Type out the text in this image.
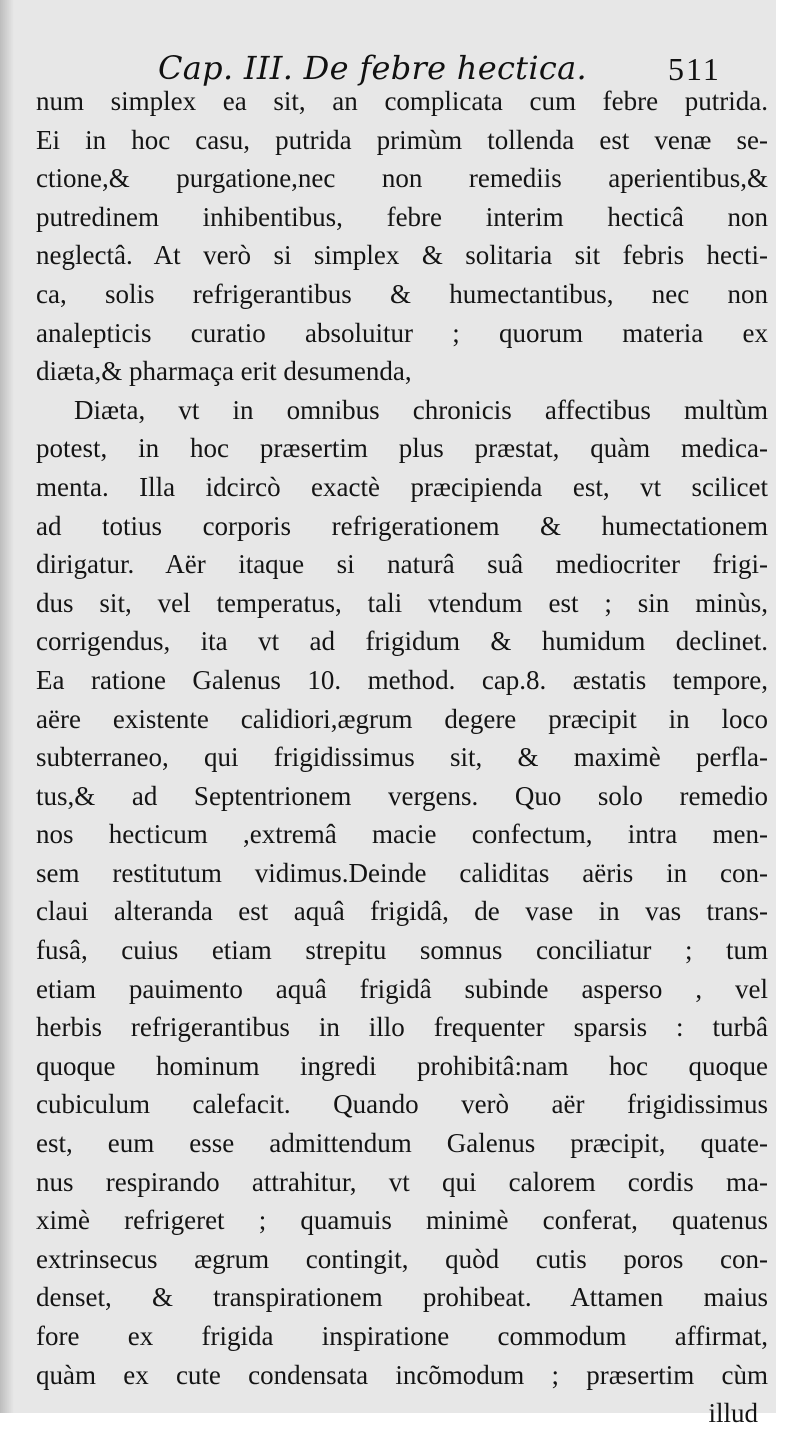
Cap. III. De febre hectica.	511
num simplex ea sit, an complicata cum febre putrida.
Ei in hoc casu, putrida primùm tollenda est venæ se-
ctione,& purgatione,nec non remediis aperientibus,&
putredinem inhibentibus, febre interim hecticâ non
neglectâ. At verò si simplex & solitaria sit febris hecti-
ca, solis refrigerantibus & humectantibus, nec non
analepticis curatio absoluitur ; quorum materia ex
diæta,& pharmaça erit desumenda,
Diæta, vt in omnibus chronicis affectibus multùm
potest, in hoc præsertim plus præstat, quàm medica-
menta. Illa idcircò exactè præcipienda est, vt scilicet
ad totius corporis refrigerationem & humectationem
dirigatur. Aër itaque si naturâ suâ mediocriter frigi-
dus sit, vel temperatus, tali vtendum est ; sin minùs,
corrigendus, ita vt ad frigidum & humidum declinet.
Ea ratione Galenus 10. method. cap.8. æstatis tempore,
aëre existente calidiori,ægrum degere præcipit in loco
subterraneo, qui frigidissimus sit, & maximè perfla-
tus,& ad Septentrionem vergens. Quo solo remedio
nos hecticum ,extremâ macie confectum, intra men-
sem restitutum vidimus.Deinde caliditas aëris in con-
claui alteranda est aquâ frigidâ, de vase in vas trans-
fusâ, cuius etiam strepitu somnus conciliatur ; tum
etiam pauimento aquâ frigidâ subinde asperso , vel
herbis refrigerantibus in illo frequenter sparsis : turbâ
quoque hominum ingredi prohibitâ:nam hoc quoque
cubiculum calefacit. Quando verò aër frigidissimus
est, eum esse admittendum Galenus præcipit, quate-
nus respirando attrahitur, vt qui calorem cordis ma-
ximè refrigeret ; quamuis minimè conferat, quatenus
extrinsecus ægrum contingit, quòd cutis poros con-
denset, & transpirationem prohibeat. Attamen maius
fore ex frigida inspiratione commodum affirmat,
quàm ex cute condensata incõmodum ; præsertim cùm
illud
